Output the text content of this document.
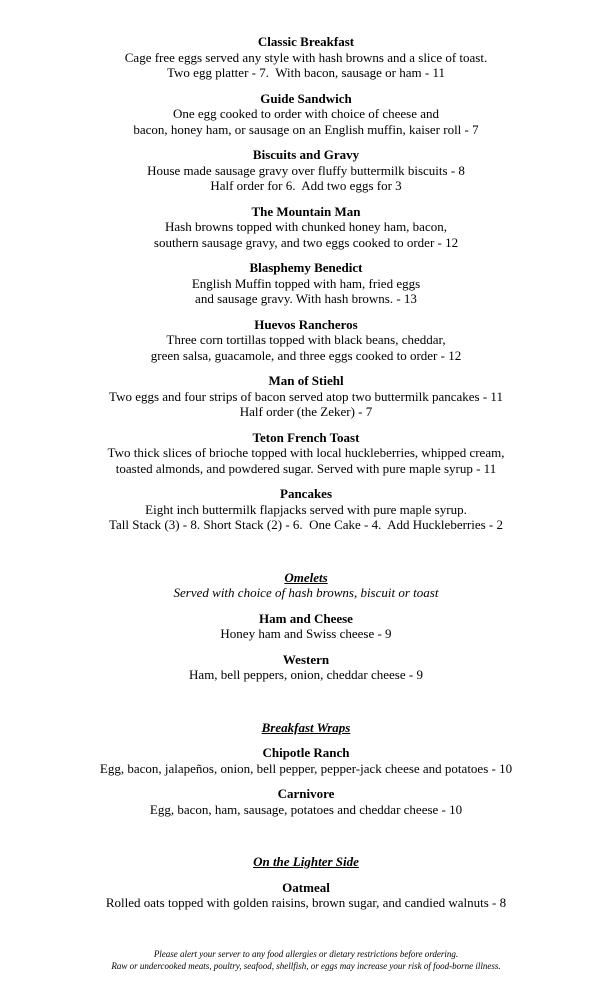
Classic Breakfast

Cage free eggs served any style with hash browns and a slice of toast.

Two egg platter - 7.  With bacon, sausage or ham - 11

Guide Sandwich

One egg cooked to order with choice of cheese and

bacon, honey ham, or sausage on an English muffin, kaiser roll - 7

Biscuits and Gravy

House made sausage gravy over fluffy buttermilk biscuits - 8

Half order for 6.  Add two eggs for 3

The Mountain Man

Hash browns topped with chunked honey ham, bacon,

southern sausage gravy, and two eggs cooked to order - 12

Blasphemy Benedict

English Muffin topped with ham, fried eggs

and sausage gravy. With hash browns. - 13

Huevos Rancheros

Three corn tortillas topped with black beans, cheddar,

green salsa, guacamole, and three eggs cooked to order - 12

Man of Stiehl

Two eggs and four strips of bacon served atop two buttermilk pancakes - 11

Half order (the Zeker) - 7

Teton French Toast

Two thick slices of brioche topped with local huckleberries, whipped cream,

toasted almonds, and powdered sugar. Served with pure maple syrup - 11

Pancakes

Eight inch buttermilk flapjacks served with pure maple syrup.

Tall Stack (3) - 8. Short Stack (2) - 6.  One Cake - 4.  Add Huckleberries - 2

Omelets

Served with choice of hash browns, biscuit or toast

Ham and Cheese

Honey ham and Swiss cheese - 9

Western

Ham, bell peppers, onion, cheddar cheese - 9

Breakfast Wraps
Chipotle Ranch

Egg, bacon, jalapeños, onion, bell pepper, pepper-jack cheese and potatoes - 10

Carnivore

Egg, bacon, ham, sausage, potatoes and cheddar cheese - 10

On the Lighter Side
Oatmeal

Rolled oats topped with golden raisins, brown sugar, and candied walnuts - 8

Please alert your server to any food allergies or dietary restrictions before ordering.

Raw or undercooked meats, poultry, seafood, shellfish, or eggs may increase your risk of food-borne illness.
